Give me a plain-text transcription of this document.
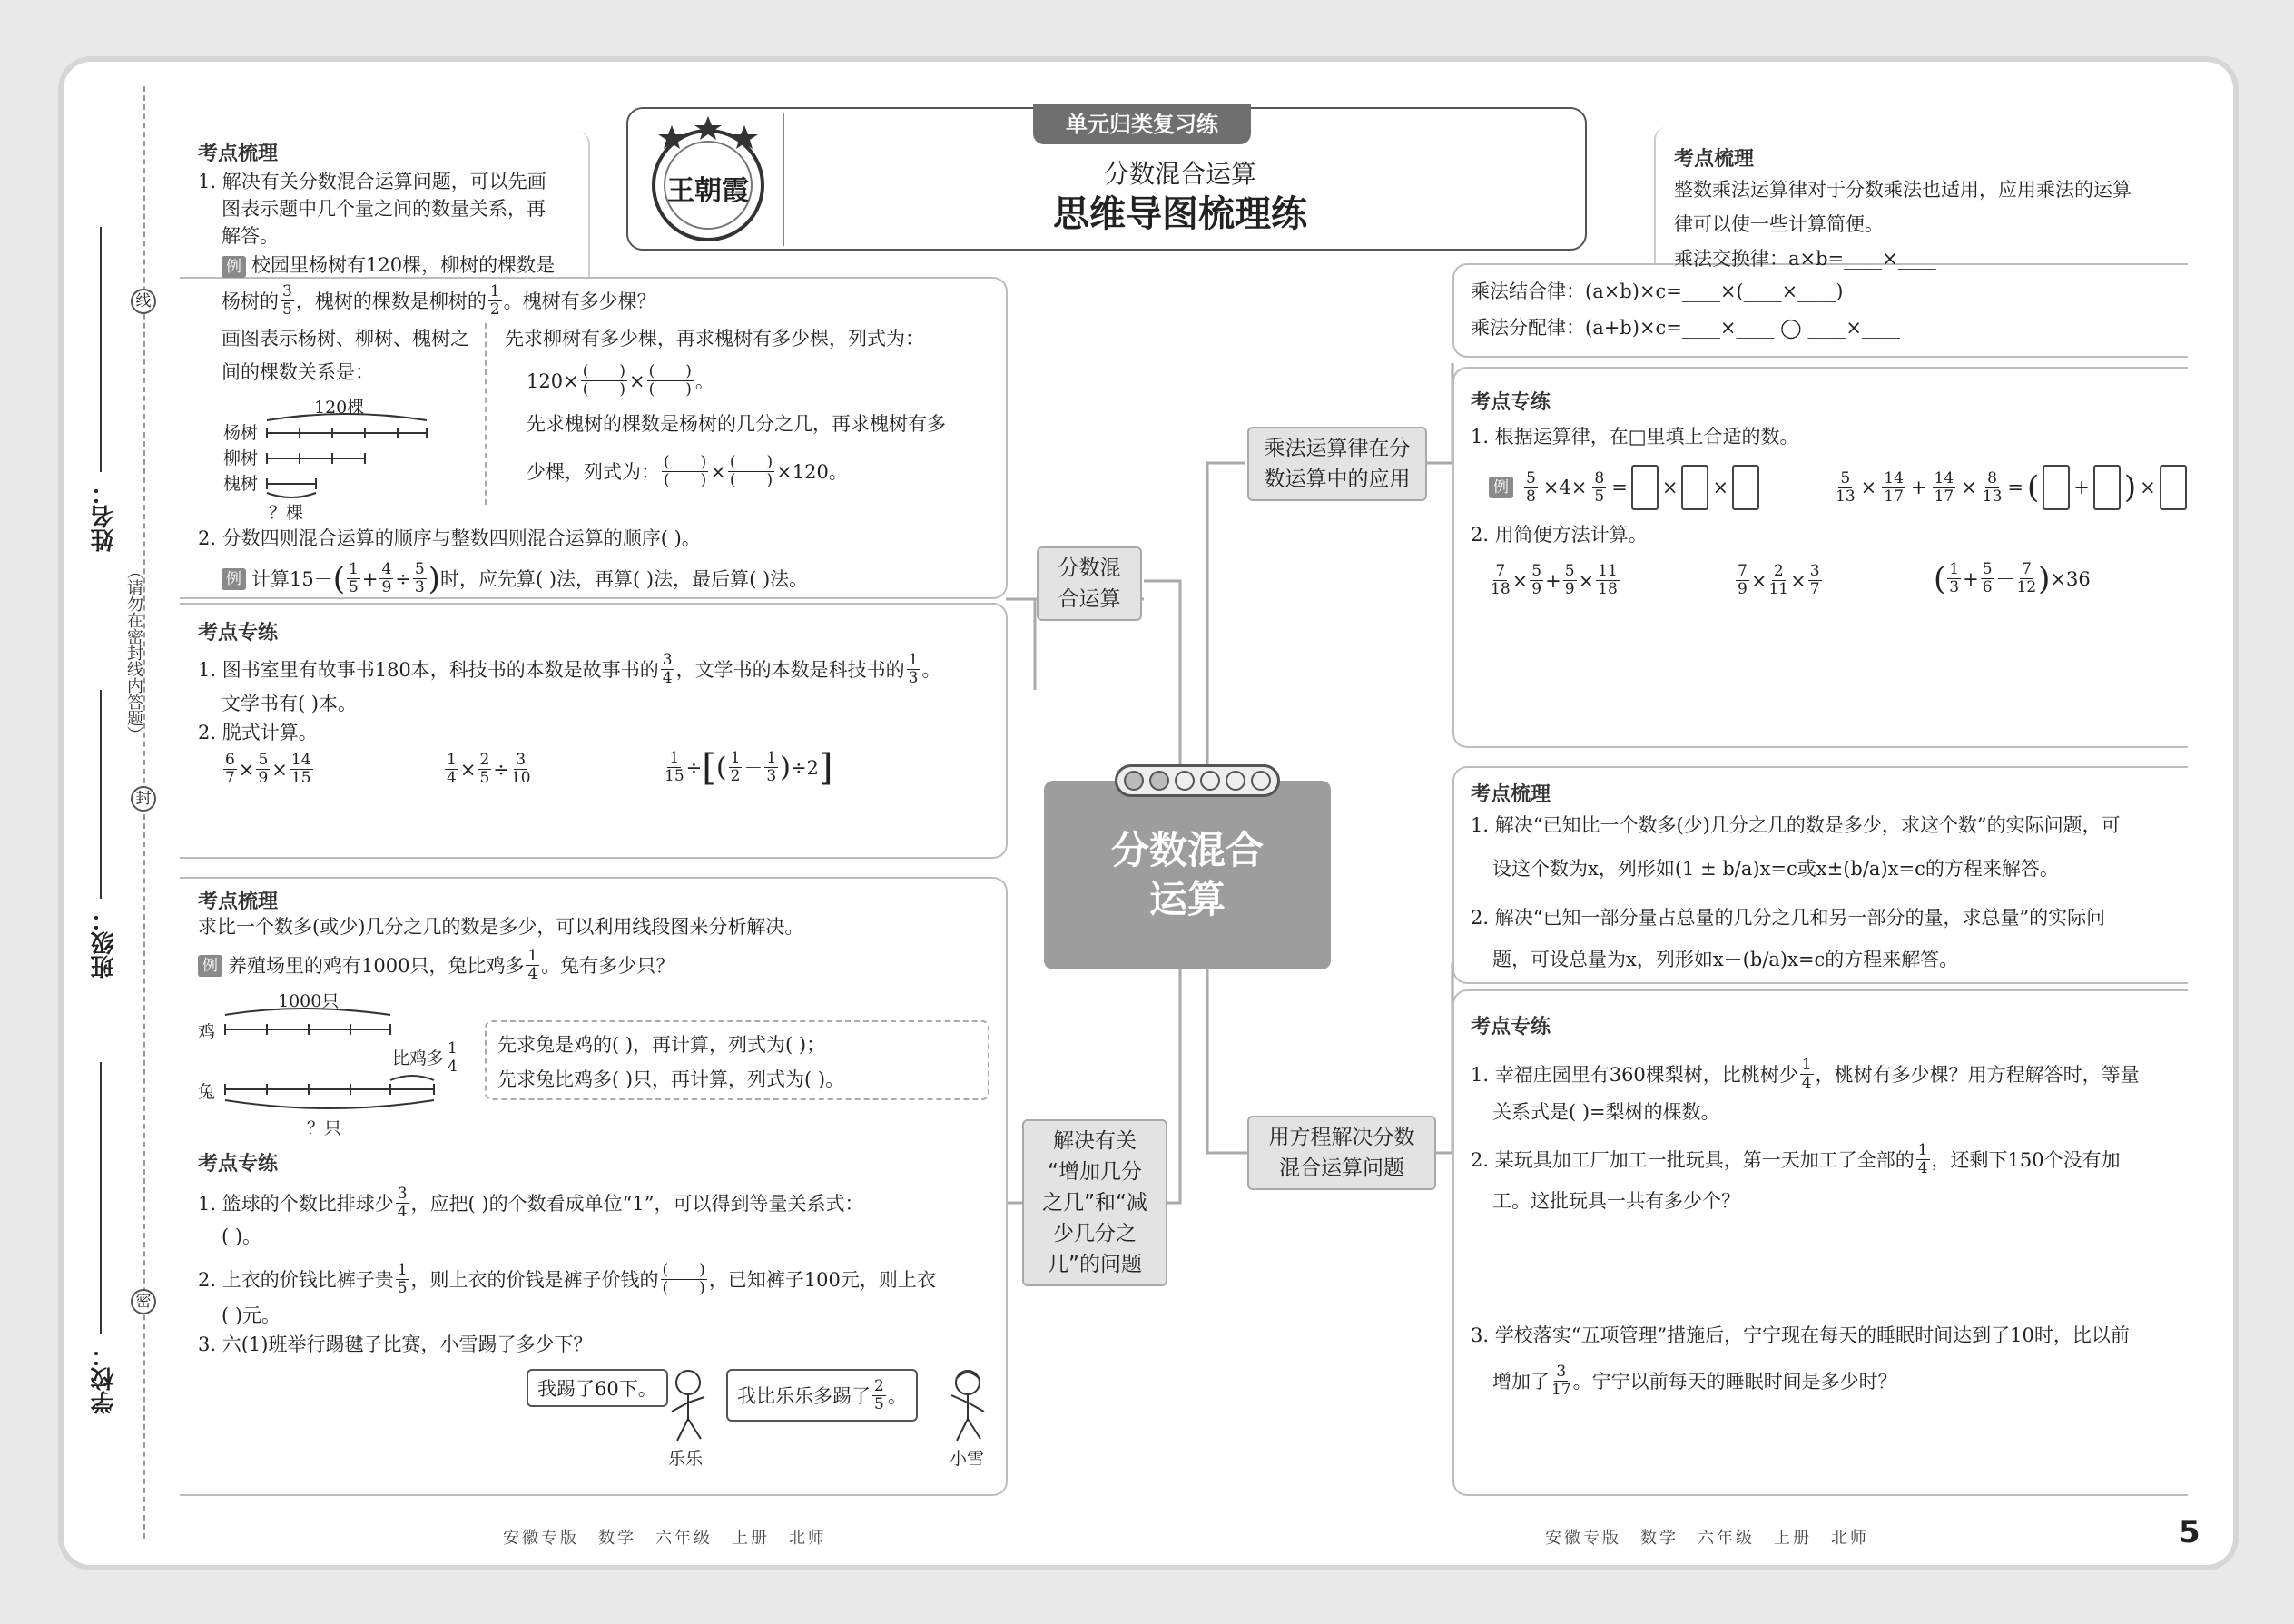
线
封
密
（请勿在密封线内答题）
姓名：
班级：
学校：
王朝霞
单元归类复习练
分数混合运算
思维导图梳理练
分数混合
运算
分数混
合运算
乘法运算律在分
数运算中的应用
解决有关
“增加几分
之几”和“减
少几分之
几”的问题
用方程解决分数
混合运算问题
考点梳理
1. 解决有关分数混合运算问题，可以先画
图表示题中几个量之间的数量关系，再
解答。
例 校园里杨树有120棵，柳树的棵数是
杨树的 $\frac{3}{5}$ ，槐树的棵数是柳树的 $\frac{1}{2}$ 。槐树有多少棵？
画图表示杨树、柳树、槐树之
间的棵数关系是：
120棵
杨树
柳树
槐树
？棵
先求柳树有多少棵，再求槐树有多少棵，列式为：
$120\times \frac{( )}{( )} \times \frac{( )}{( )}$ 。
先求槐树的棵数是杨树的几分之几，再求槐树有多
少棵，列式为： $\frac{( )}{( )} \times \frac{( )}{( )} \times 120$。
2. 分数四则混合运算的顺序与整数四则混合运算的顺序( )。
例 计算15－ ( $\frac{1}{5} + \frac{4}{9} \div \frac{5}{3}$ ) 时，应先算( )法，再算( )法，最后算( )法。
考点专练
1. 图书室里有故事书180本，科技书的本数是故事书的 $\frac{3}{4}$ ，文学书的本数是科技书的 $\frac{1}{3}$ 。
文学书有( )本。
2. 脱式计算。
$\frac{6}{7} \times \frac{5}{9} \times \frac{14}{15}$	$\frac{1}{4} \times \frac{2}{5} \div \frac{3}{10}$	$\frac{1}{15}$ ÷ [ ( $\frac{1}{2} - \frac{1}{3}$ ) ÷2 ]
考点梳理
求比一个数多(或少)几分之几的数是多少，可以利用线段图来分析解决。
例 养殖场里的鸡有1000只，兔比鸡多 $\frac{1}{4}$ 。兔有多少只？
1000只
鸡
兔
比鸡多 $\frac{1}{4}$
？只
先求兔是鸡的( )，再计算，列式为( )；
先求兔比鸡多( )只，再计算，列式为( )。
考点专练
1. 篮球的个数比排球少 $\frac{3}{4}$ ，应把( )的个数看成单位“1”，可以得到等量关系式：
( )。
2. 上衣的价钱比裤子贵 $\frac{1}{5}$ ，则上衣的价钱是裤子价钱的 $\frac{( )}{( )}$ ，已知裤子100元，则上衣
( )元。
3. 六(1)班举行踢毽子比赛，小雪踢了多少下？
我踢了60下。	我比乐乐多踢了 $\frac{2}{5}$ 。
乐乐	小雪
考点梳理
整数乘法运算律对于分数乘法也适用，应用乘法的运算
律可以使一些计算简便。
乘法交换律：a×b=____×____
乘法结合律：(a×b)×c=____×(____×____)
乘法分配律：(a+b)×c=____×____ ◯ ____×____
考点专练
1. 根据运算律，在□里填上合适的数。
例 $\frac{5}{8} \times 4\times \frac{8}{5}$ = × ×	$\frac{5}{13} \times \frac{14}{17} + \frac{14}{17} \times \frac{8}{13}$ = ( + ) ×
2. 用简便方法计算。
$\frac{7}{18} \times \frac{5}{9} + \frac{5}{9} \times \frac{11}{18}$	$\frac{7}{9} \times \frac{2}{11} \times \frac{3}{7}$	( $\frac{1}{3} + \frac{5}{6} - \frac{7}{12}$ ) ×36
考点梳理
1. 解决“已知比一个数多(少)几分之几的数是多少，求这个数”的实际问题，可
设这个数为x，列形如(1 ± b/a)x=c或x±(b/a)x=c的方程来解答。
2. 解决“已知一部分量占总量的几分之几和另一部分的量，求总量”的实际问
题，可设总量为x，列形如x－(b/a)x=c的方程来解答。
考点专练
1. 幸福庄园里有360棵梨树，比桃树少 $\frac{1}{4}$ ，桃树有多少棵？用方程解答时，等量
关系式是( )=梨树的棵数。
2. 某玩具加工厂加工一批玩具，第一天加工了全部的 $\frac{1}{4}$ ，还剩下150个没有加
工。这批玩具一共有多少个？
3. 学校落实“五项管理”措施后，宁宁现在每天的睡眠时间达到了10时，比以前
增加了 $\frac{3}{17}$ 。宁宁以前每天的睡眠时间是多少时？
安徽专版　数学　六年级　上册　北师	安徽专版　数学　六年级　上册　北师	5
